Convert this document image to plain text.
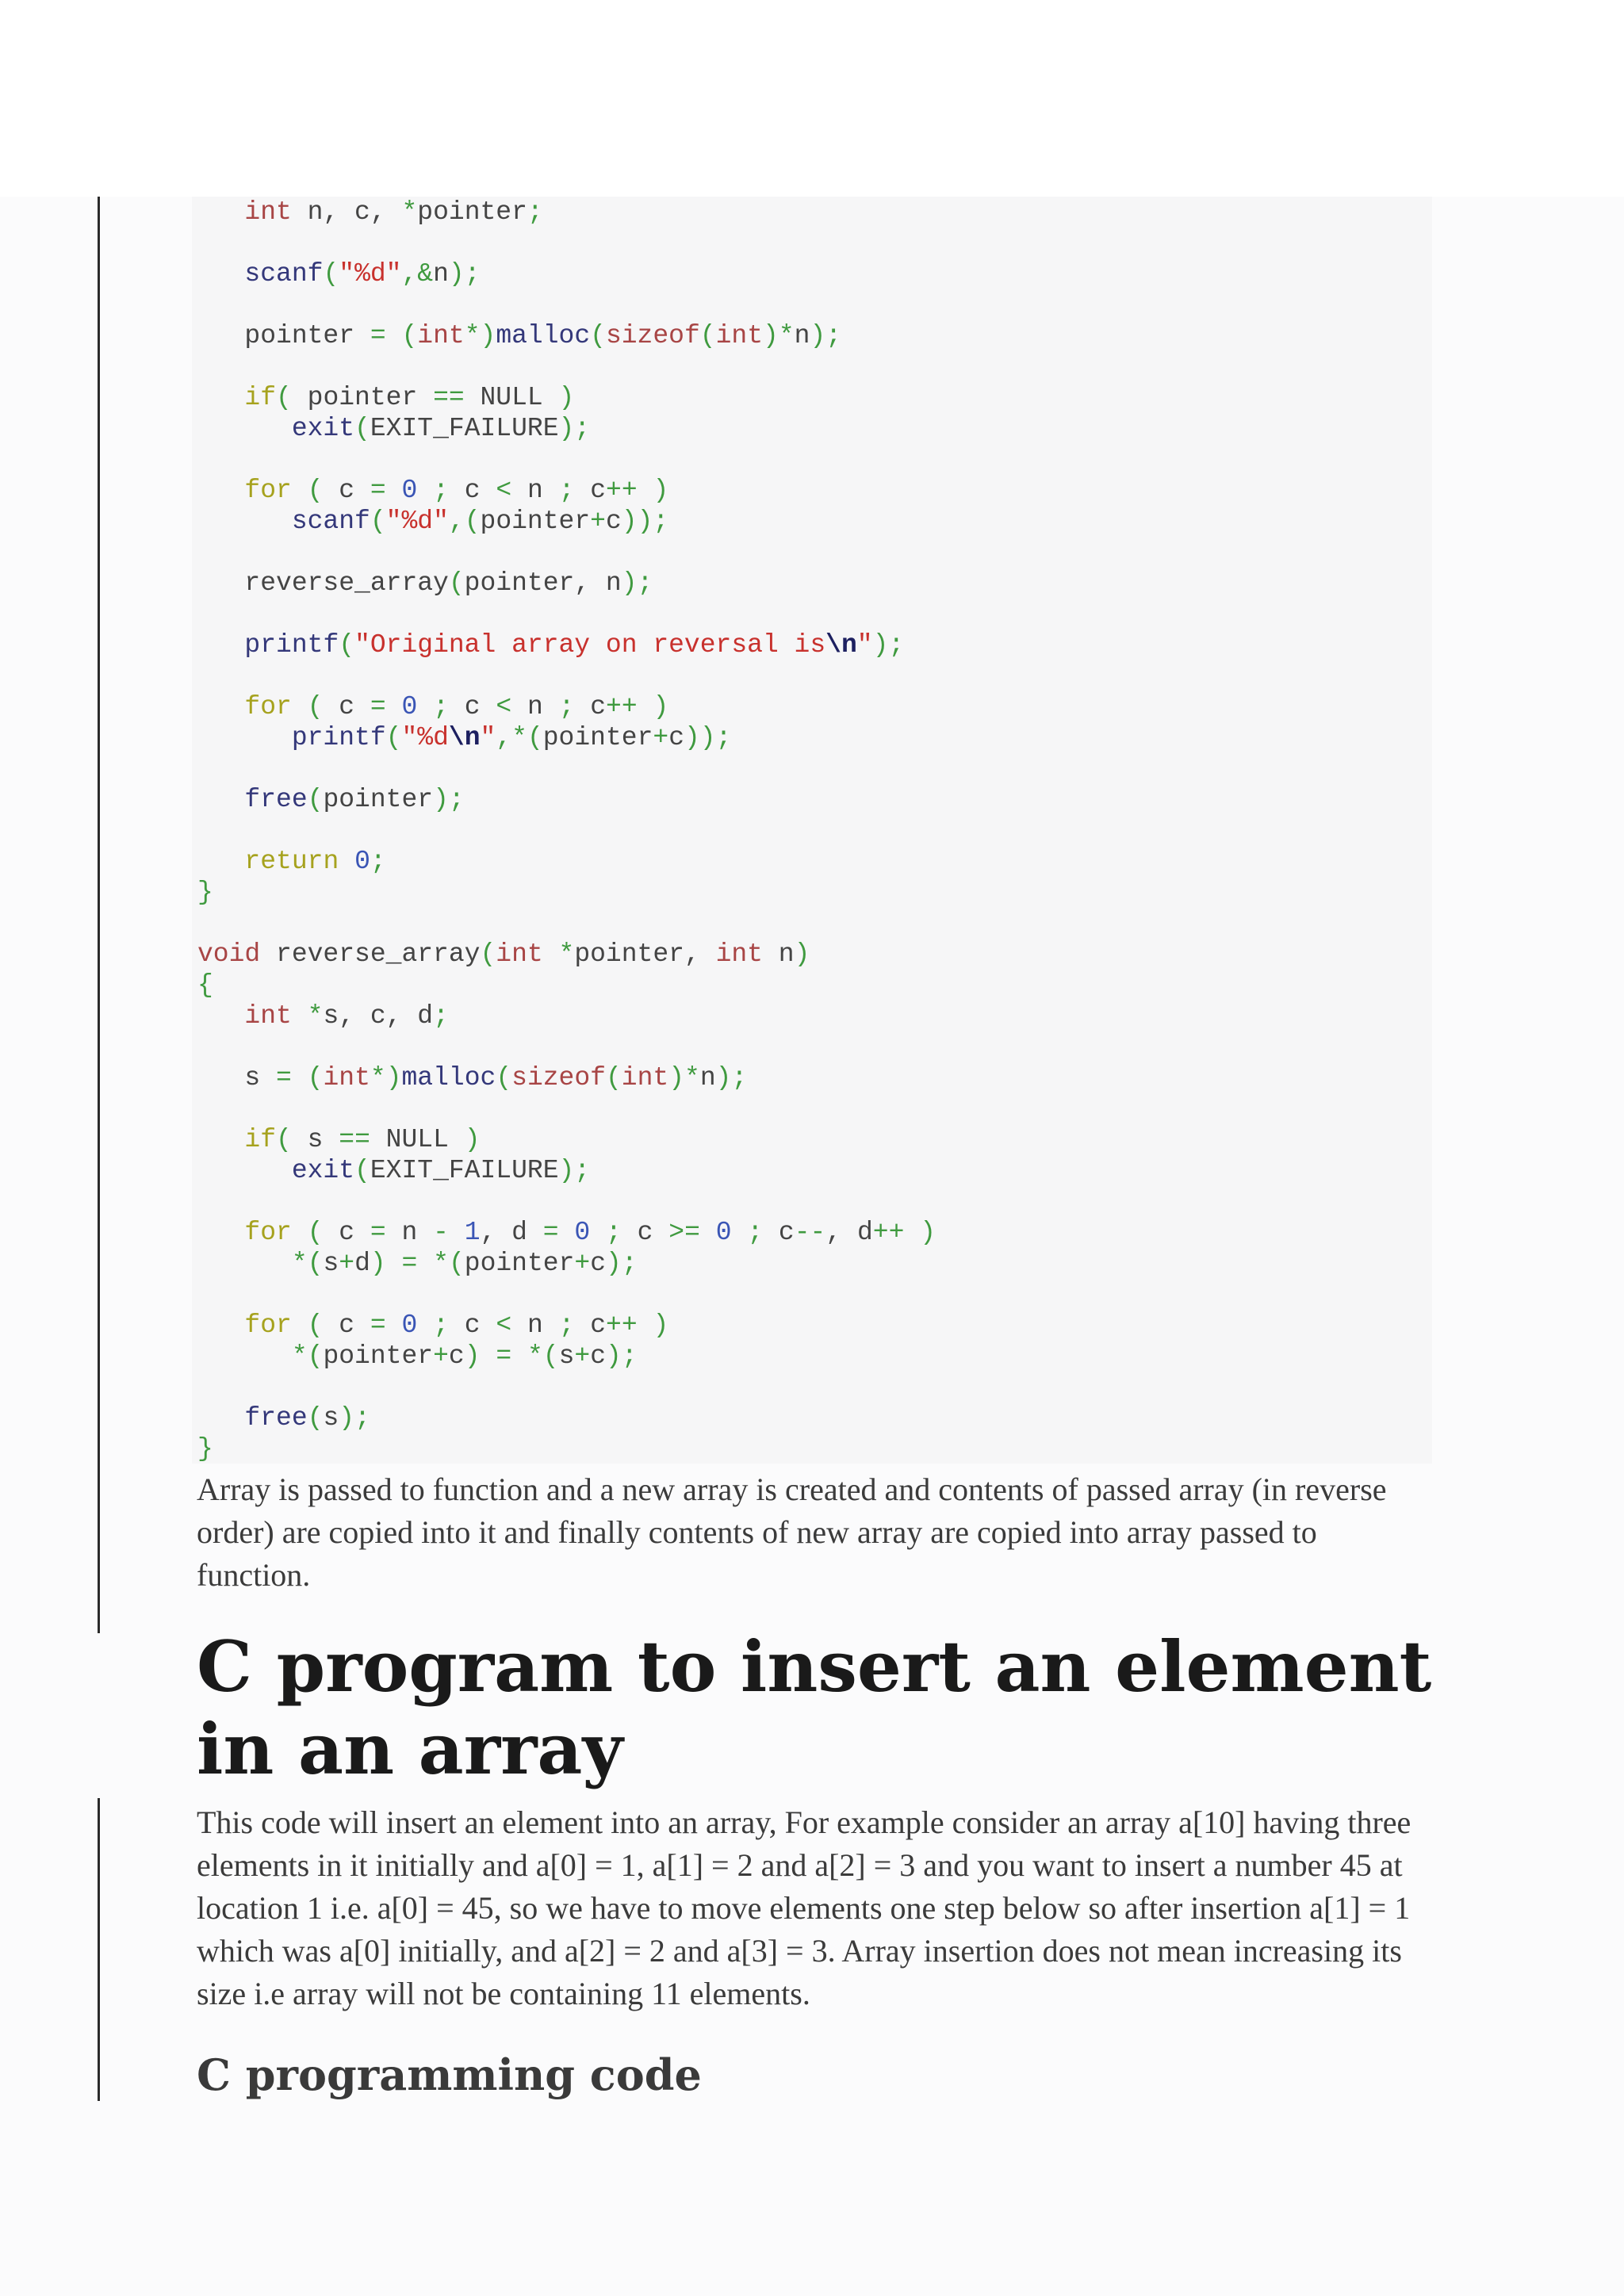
int n, c, *pointer;

scanf("%d",&n);

pointer = (int*)malloc(sizeof(int)*n);

if( pointer == NULL )
exit(EXIT_FAILURE);

for ( c = 0 ; c < n ; c++ )
scanf("%d",(pointer+c));

reverse_array(pointer, n);

printf("Original array on reversal is\n");

for ( c = 0 ; c < n ; c++ )
printf("%d\n",*(pointer+c));

free(pointer);

return 0;
}

void reverse_array(int *pointer, int n)
{
int *s, c, d;

s = (int*)malloc(sizeof(int)*n);

if( s == NULL )
exit(EXIT_FAILURE);

for ( c = n - 1, d = 0 ; c >= 0 ; c--, d++ )
*(s+d) = *(pointer+c);

for ( c = 0 ; c < n ; c++ )
*(pointer+c) = *(s+c);

free(s);
}

Array is passed to function and a new array is created and contents of passed array (in reverse order) are copied into it and finally contents of new array are copied into array passed to function.

C program to insert an element in an array

This code will insert an element into an array, For example consider an array a[10] having three elements in it initially and a[0] = 1, a[1] = 2 and a[2] = 3 and you want to insert a number 45 at location 1 i.e. a[0] = 45, so we have to move elements one step below so after insertion a[1] = 1 which was a[0] initially, and a[2] = 2 and a[3] = 3. Array insertion does not mean increasing its size i.e array will not be containing 11 elements.

C programming code
